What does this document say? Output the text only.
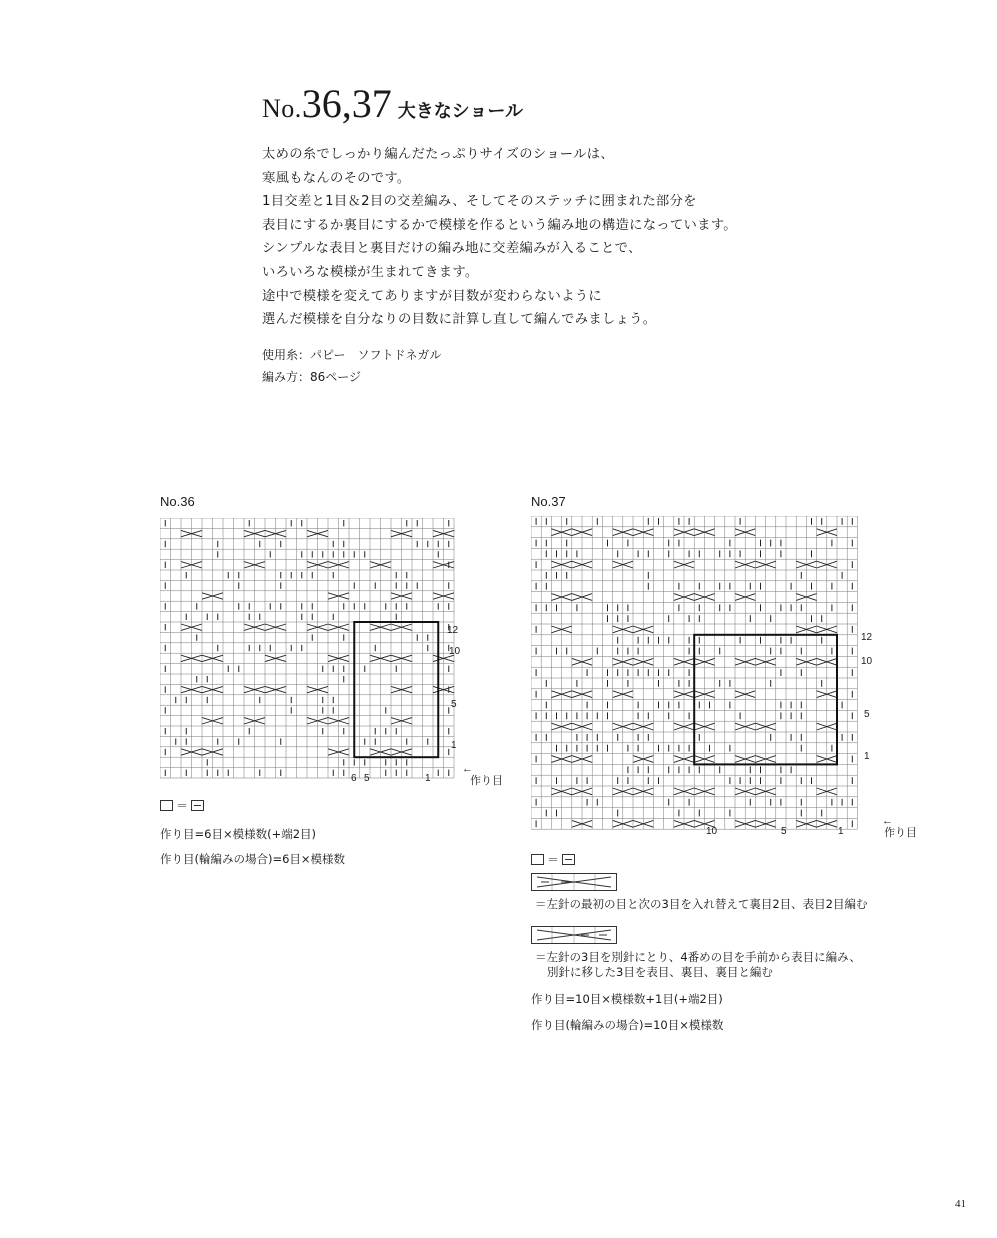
No.36,37 大きなショール

太めの糸でしっかり編んだたっぷりサイズのショールは、

寒風もなんのそのです。

1目交差と1目＆2目の交差編み、そしてそのステッチに囲まれた部分を

表目にするか裏目にするかで模様を作るという編み地の構造になっています。

シンプルな表目と裏目だけの編み地に交差編みが入ることで、

いろいろな模様が生まれてきます。

途中で模様を変えてありますが目数が変わらないように

選んだ模様を自分なりの目数に計算し直して編んでみましょう。

使用糸：パピー　ソフトドネガル

編み方：86ページ

No.36
12
10
5
1
6 5	1
←
作り目
＝
作り目=6目×模様数(+端2目)
作り目(輪編みの場合)=6目×模様数
No.37
12
10
5
1
10	5	1
←
作り目
＝
＝左針の最初の目と次の3目を入れ替えて裏目2目、表目2目編む
＝左針の3目を別針にとり、4番めの目を手前から表目に編み、
別針に移した3目を表目、裏目、裏目と編む
作り目=10目×模様数+1目(+端2目)
作り目(輪編みの場合)=10目×模様数
41
